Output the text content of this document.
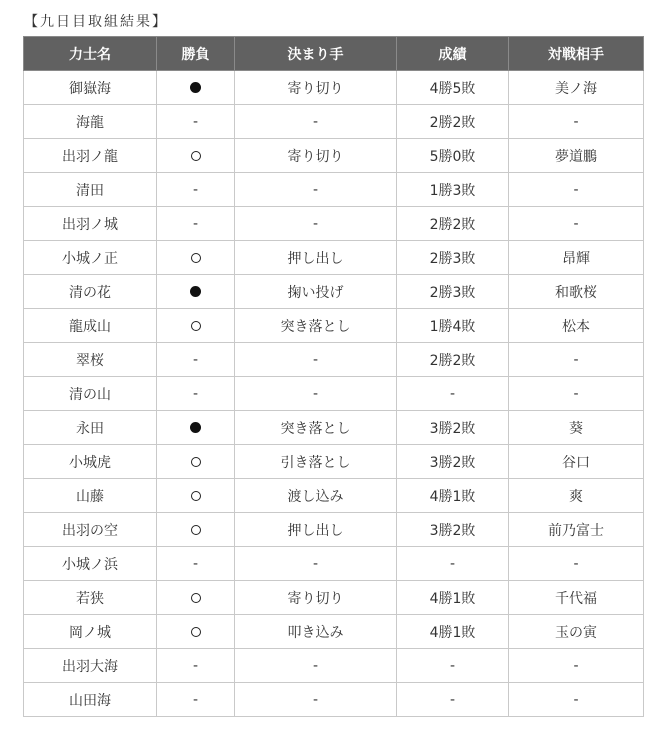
【九日目取組結果】
力士名	勝負	決まり手	成績	対戦相手
御嶽海		寄り切り	4勝5敗	美ノ海
海龍	-	-	2勝2敗	-
出羽ノ龍		寄り切り	5勝0敗	夢道鵬
清田	-	-	1勝3敗	-
出羽ノ城	-	-	2勝2敗	-
小城ノ正		押し出し	2勝3敗	昂輝
清の花		掬い投げ	2勝3敗	和歌桜
龍成山		突き落とし	1勝4敗	松本
翠桜	-	-	2勝2敗	-
清の山	-	-	-	-
永田		突き落とし	3勝2敗	葵
小城虎		引き落とし	3勝2敗	谷口
山藤		渡し込み	4勝1敗	爽
出羽の空		押し出し	3勝2敗	前乃富士
小城ノ浜	-	-	-	-
若狭		寄り切り	4勝1敗	千代福
岡ノ城		叩き込み	4勝1敗	玉の寅
出羽大海	-	-	-	-
山田海	-	-	-	-
